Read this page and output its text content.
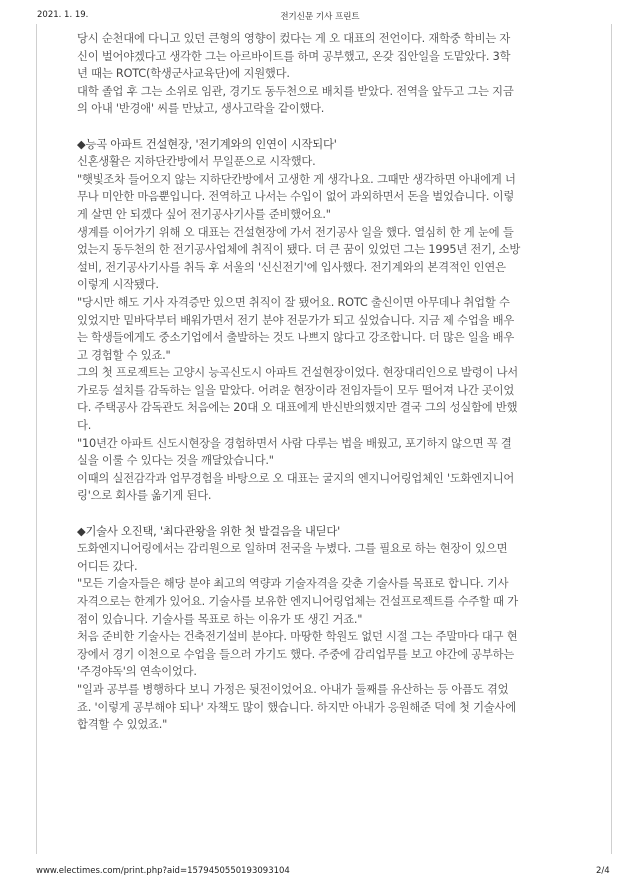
2021. 1. 19.	전기신문 기사 프린트
당시 순천대에 다니고 있던 큰형의 영향이 컸다는 게 오 대표의 전언이다. 재학중 학비는 자
신이 벌어야겠다고 생각한 그는 아르바이트를 하며 공부했고, 온갖 집안일을 도맡았다. 3학
년 때는 ROTC(학생군사교육단)에 지원했다.
대학 졸업 후 그는 소위로 임관, 경기도 동두천으로 배치를 받았다. 전역을 앞두고 그는 지금
의 아내 '반경애' 씨를 만났고, 생사고락을 같이했다.
◆능곡 아파트 건설현장, '전기계와의 인연이 시작되다'
신혼생활은 지하단칸방에서 무일푼으로 시작했다.
"햇빛조차 들어오지 않는 지하단칸방에서 고생한 게 생각나요. 그때만 생각하면 아내에게 너
무나 미안한 마음뿐입니다. 전역하고 나서는 수입이 없어 과외하면서 돈을 벌었습니다. 이렇
게 살면 안 되겠다 싶어 전기공사기사를 준비했어요."
생계를 이어가기 위해 오 대표는 건설현장에 가서 전기공사 일을 했다. 열심히 한 게 눈에 들
었는지 동두천의 한 전기공사업체에 취직이 됐다. 더 큰 꿈이 있었던 그는 1995년 전기, 소방
설비, 전기공사기사를 취득 후 서울의 '신신전기'에 입사했다. 전기계와의 본격적인 인연은
이렇게 시작됐다.
"당시만 해도 기사 자격증만 있으면 취직이 잘 됐어요. ROTC 출신이면 아무데나 취업할 수
있었지만 밑바닥부터 배워가면서 전기 분야 전문가가 되고 싶었습니다. 지금 제 수업을 배우
는 학생들에게도 중소기업에서 출발하는 것도 나쁘지 않다고 강조합니다. 더 많은 일을 배우
고 경험할 수 있죠."
그의 첫 프로젝트는 고양시 능곡신도시 아파트 건설현장이었다. 현장대리인으로 발령이 나서
가로등 설치를 감독하는 일을 맡았다. 어려운 현장이라 전임자들이 모두 떨어져 나간 곳이었
다. 주택공사 감독관도 처음에는 20대 오 대표에게 반신반의했지만 결국 그의 성실함에 반했
다.
"10년간 아파트 신도시현장을 경험하면서 사람 다루는 법을 배웠고, 포기하지 않으면 꼭 결
실을 이룰 수 있다는 것을 깨달았습니다."
이때의 실전감각과 업무경험을 바탕으로 오 대표는 굴지의 엔지니어링업체인 '도화엔지니어
링'으로 회사를 옮기게 된다.
◆기술사 오진택, '최다관왕을 위한 첫 발걸음을 내딛다'
도화엔지니어링에서는 감리원으로 일하며 전국을 누볐다. 그를 필요로 하는 현장이 있으면
어디든 갔다.
"모든 기술자들은 해당 분야 최고의 역량과 기술자격을 갖춘 기술사를 목표로 합니다. 기사
자격으로는 한계가 있어요. 기술사를 보유한 엔지니어링업체는 건설프로젝트를 수주할 때 가
점이 있습니다. 기술사를 목표로 하는 이유가 또 생긴 거죠."
처음 준비한 기술사는 건축전기설비 분야다. 마땅한 학원도 없던 시절 그는 주말마다 대구 현
장에서 경기 이천으로 수업을 들으러 가기도 했다. 주중에 감리업무를 보고 야간에 공부하는
'주경야독'의 연속이었다.
"일과 공부를 병행하다 보니 가정은 뒷전이었어요. 아내가 둘째를 유산하는 등 아픔도 겪었
죠. '이렇게 공부해야 되나' 자책도 많이 했습니다. 하지만 아내가 응원해준 덕에 첫 기술사에
합격할 수 있었죠."
www.electimes.com/print.php?aid=1579450550193093104	2/4
